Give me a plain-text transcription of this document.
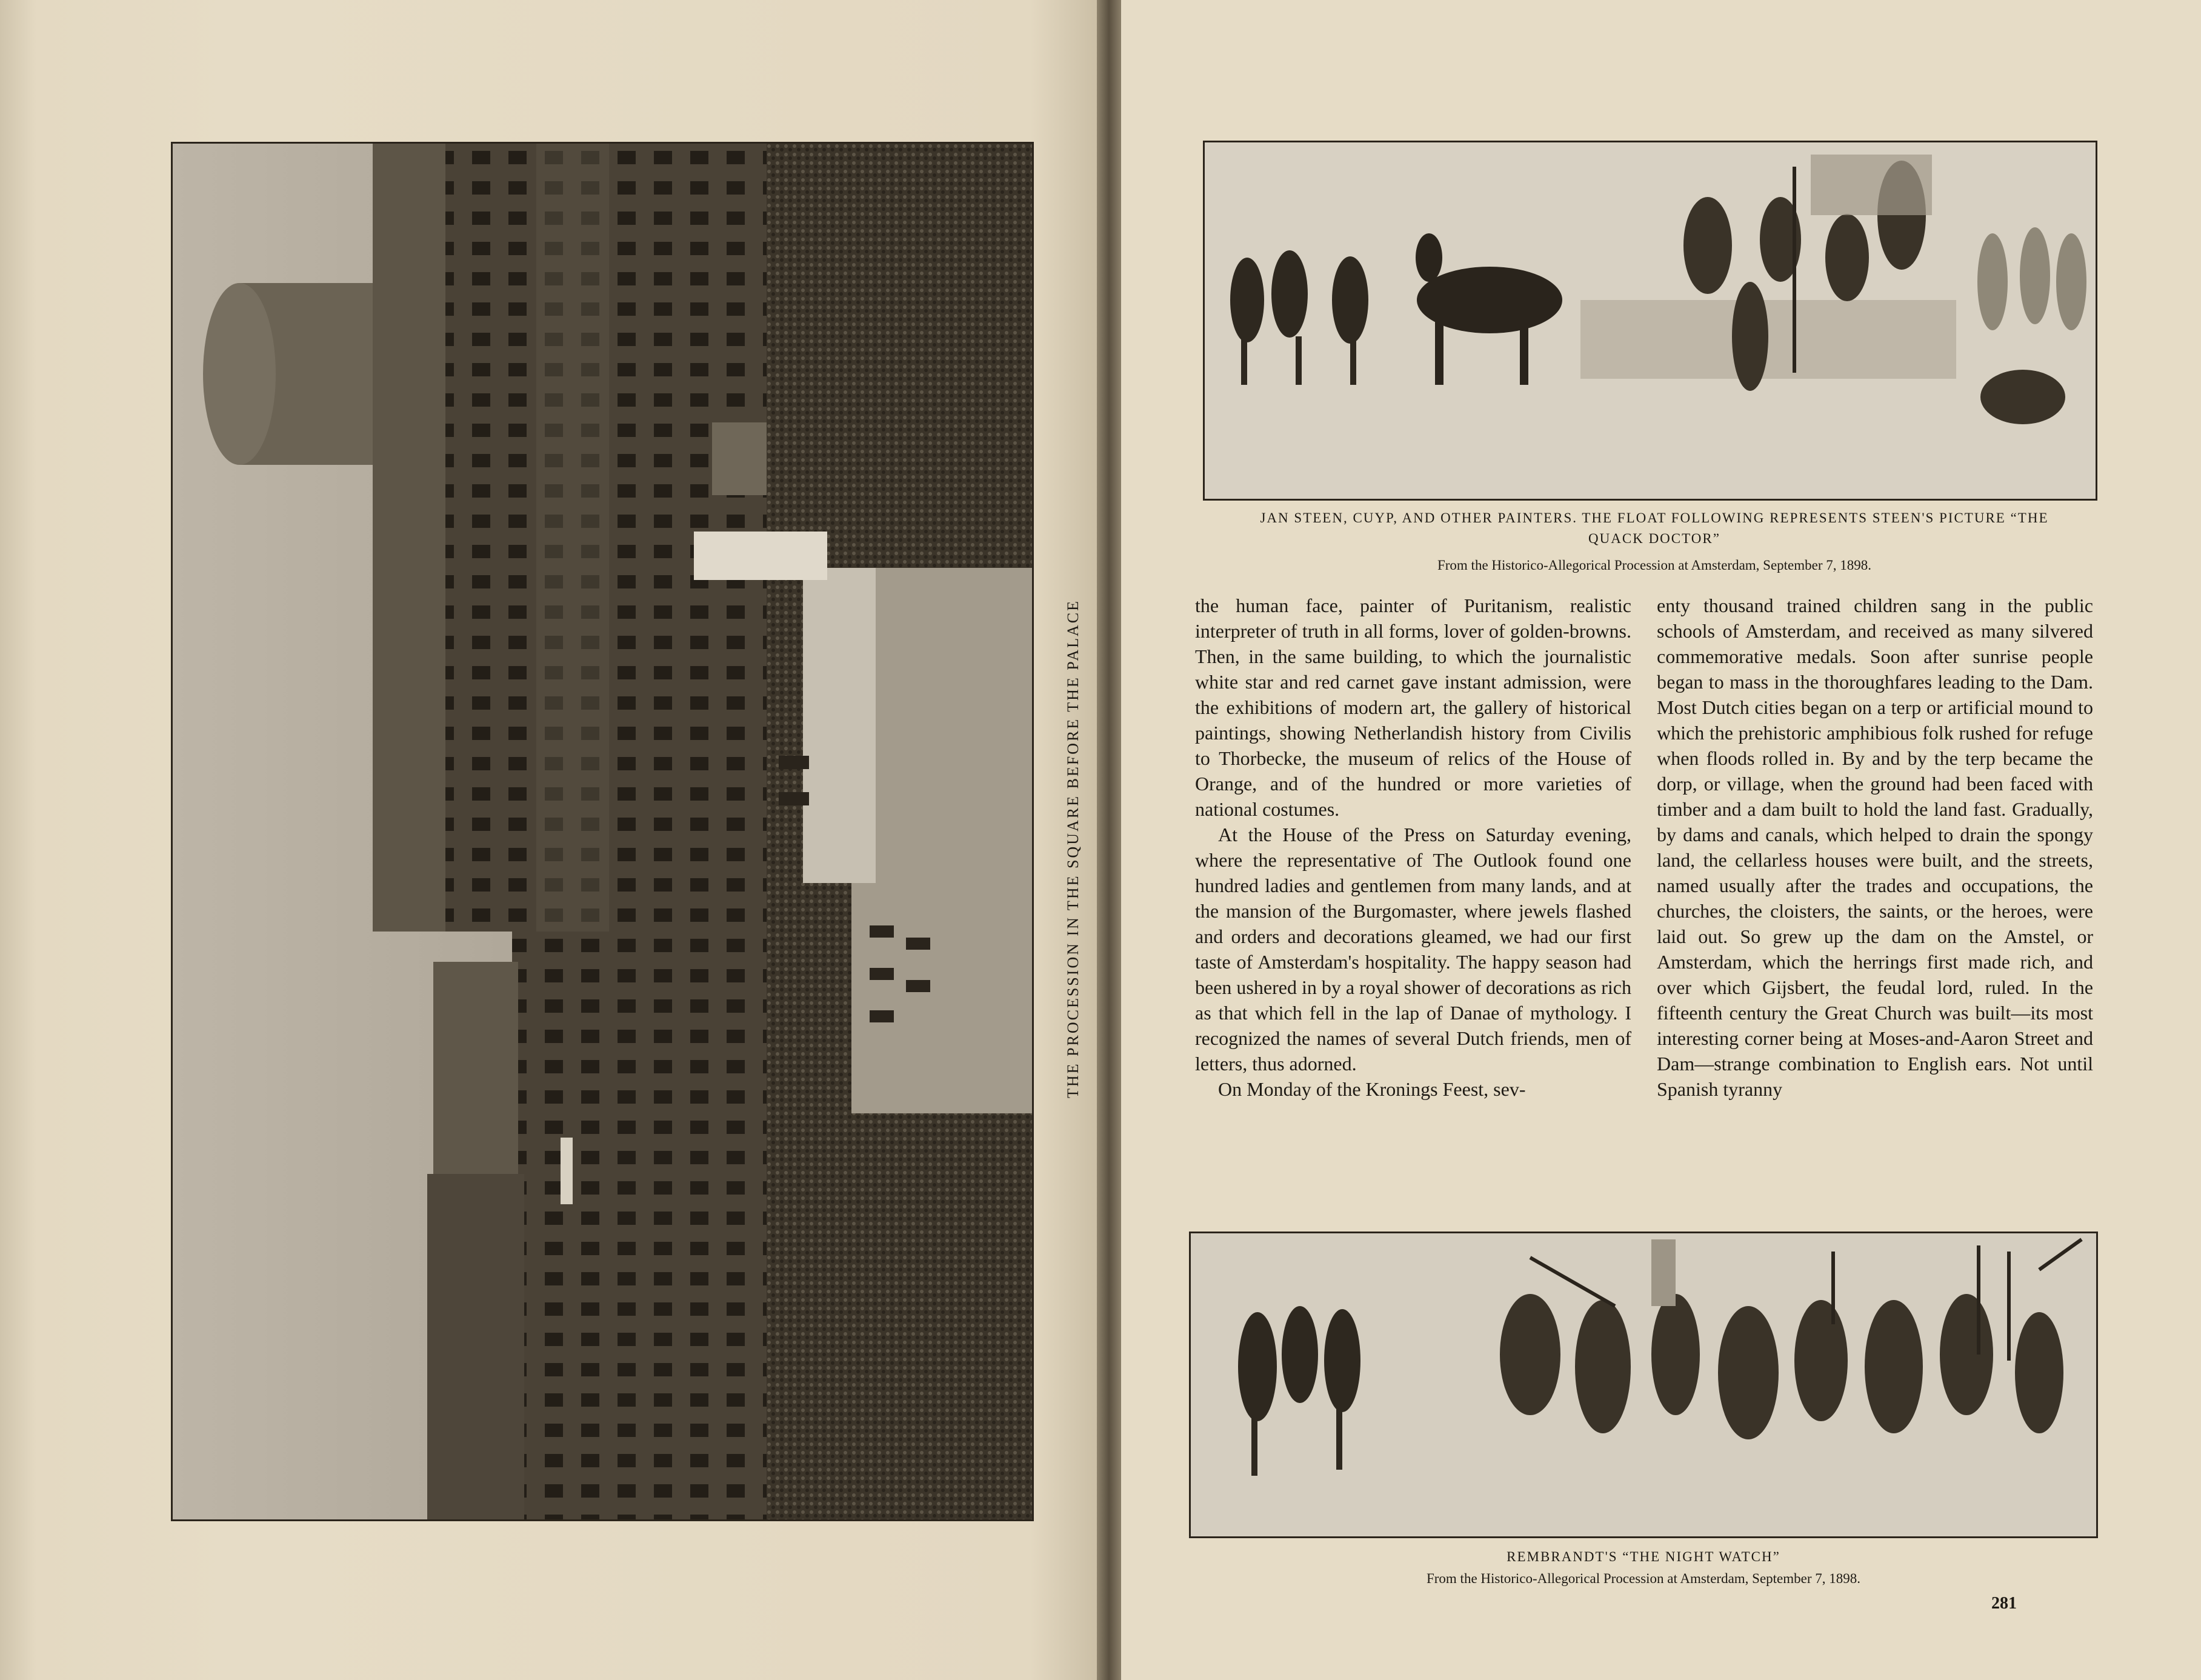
THE PROCESSION IN THE SQUARE BEFORE THE PALACE
JAN STEEN, CUYP, AND OTHER PAINTERS. THE FLOAT FOLLOWING REPRESENTS STEEN'S PICTURE “THE QUACK DOCTOR”
From the Historico-Allegorical Procession at Amsterdam, September 7, 1898.

the human face, painter of Puritanism, realistic interpreter of truth in all forms, lover of golden-browns. Then, in the same building, to which the journalistic white star and red carnet gave instant admission, were the exhibitions of modern art, the gallery of historical paintings, showing Netherlandish history from Civilis to Thorbecke, the museum of relics of the House of Orange, and of the hundred or more varieties of national costumes.

At the House of the Press on Saturday evening, where the representative of The Outlook found one hundred ladies and gentlemen from many lands, and at the mansion of the Burgomaster, where jewels flashed and orders and decorations gleamed, we had our first taste of Amsterdam's hospitality. The happy season had been ushered in by a royal shower of decorations as rich as that which fell in the lap of Danae of mythology. I recognized the names of several Dutch friends, men of letters, thus adorned.

On Monday of the Kronings Feest, sev-

enty thousand trained children sang in the public schools of Amsterdam, and received as many silvered commemorative medals. Soon after sunrise people began to mass in the thoroughfares leading to the Dam. Most Dutch cities began on a terp or artificial mound to which the prehistoric amphibious folk rushed for refuge when floods rolled in. By and by the terp became the dorp, or village, when the ground had been faced with timber and a dam built to hold the land fast. Gradually, by dams and canals, which helped to drain the spongy land, the cellarless houses were built, and the streets, named usually after the trades and occupations, the churches, the cloisters, the saints, or the heroes, were laid out. So grew up the dam on the Amstel, or Amsterdam, which the herrings first made rich, and over which Gijsbert, the feudal lord, ruled. In the fifteenth century the Great Church was built—its most interesting corner being at Moses-and-Aaron Street and Dam—strange combination to English ears. Not until Spanish tyranny

REMBRANDT'S “THE NIGHT WATCH”
From the Historico-Allegorical Procession at Amsterdam, September 7, 1898.
281
